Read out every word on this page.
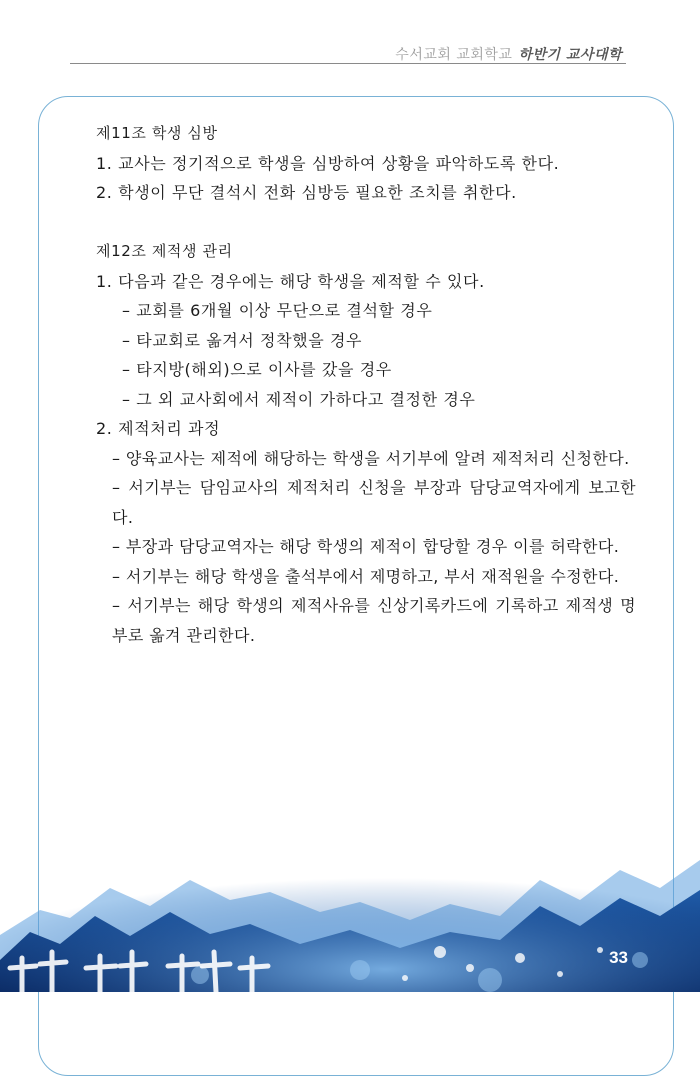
수서교회 교회학교 하반기 교사대학
제11조 학생 심방
1. 교사는 정기적으로 학생을 심방하여 상황을 파악하도록 한다.
2. 학생이 무단 결석시 전화 심방등 필요한 조치를 취한다.
제12조 제적생 관리
1. 다음과 같은 경우에는 해당 학생을 제적할 수 있다.
– 교회를 6개월 이상 무단으로 결석할 경우
– 타교회로 옮겨서 정착했을 경우
– 타지방(해외)으로 이사를 갔을 경우
– 그 외 교사회에서 제적이 가하다고 결정한 경우
2. 제적처리 과정
– 양육교사는 제적에 해당하는 학생을 서기부에 알려 제적처리 신청한다.
– 서기부는 담임교사의 제적처리 신청을 부장과 담당교역자에게 보고한다.
– 부장과 담당교역자는 해당 학생의 제적이 합당할 경우 이를 허락한다.
– 서기부는 해당 학생을 출석부에서 제명하고, 부서 재적원을 수정한다.
– 서기부는 해당 학생의 제적사유를 신상기록카드에 기록하고 제적생 명부로 옮겨 관리한다.
33
